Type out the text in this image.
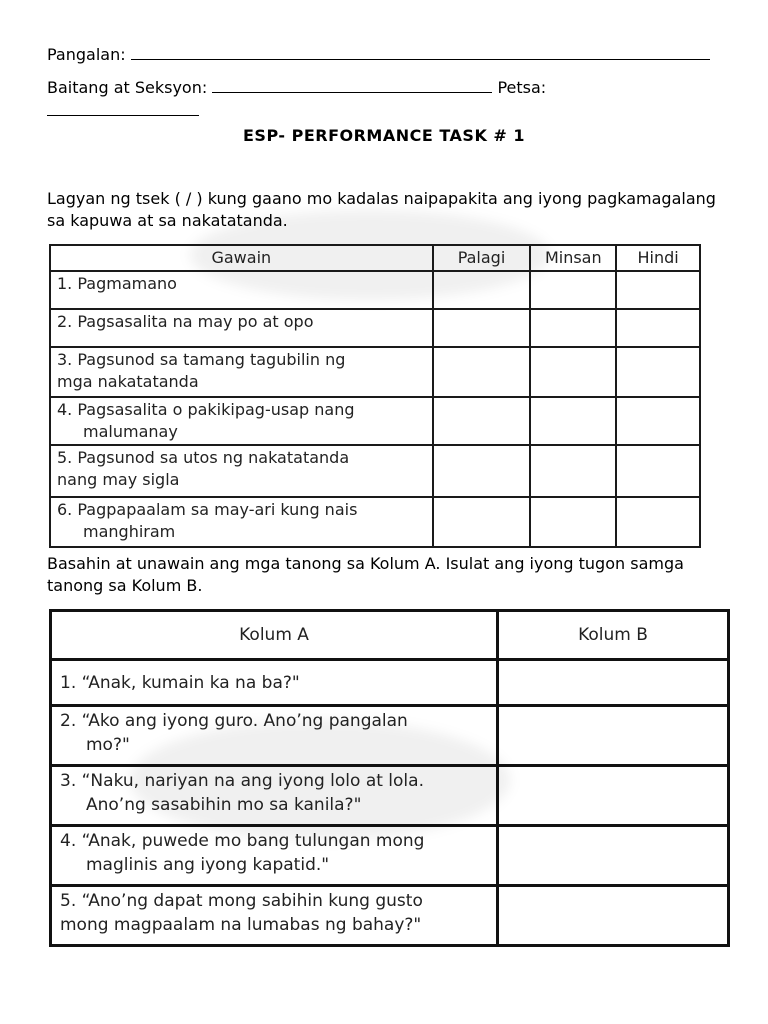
Pangalan:
Baitang at Seksyon:	Petsa:
ESP- PERFORMANCE TASK # 1
Lagyan ng tsek ( / ) kung gaano mo kadalas naipapakita ang iyong pagkamagalang sa kapuwa at sa nakatatanda.
Gawain	Palagi	Minsan	Hindi
1. Pagmamano			
2. Pagsasalita na may po at opo			
3. Pagsunod sa tamang tagubilin ng
mga nakatatanda			
4. Pagsasalita o pakikipag-usap nang
malumanay			

5. Pagsunod sa utos ng nakatatanda
nang may sigla			
6. Pagpapaalam sa may-ari kung nais
manghiram			

Basahin at unawain ang mga tanong sa Kolum A. Isulat ang iyong tugon samga tanong sa Kolum B.
Kolum A	Kolum B
1. “Anak, kumain ka na ba?"	
2. “Ako ang iyong guro. Ano’ng pangalan
mo?"	

3. “Naku, nariyan na ang iyong lolo at lola.
Ano’ng sasabihin mo sa kanila?"	

4. “Anak, puwede mo bang tulungan mong
maglinis ang iyong kapatid."	

5. “Ano’ng dapat mong sabihin kung gusto
mong magpaalam na lumabas ng bahay?"	
